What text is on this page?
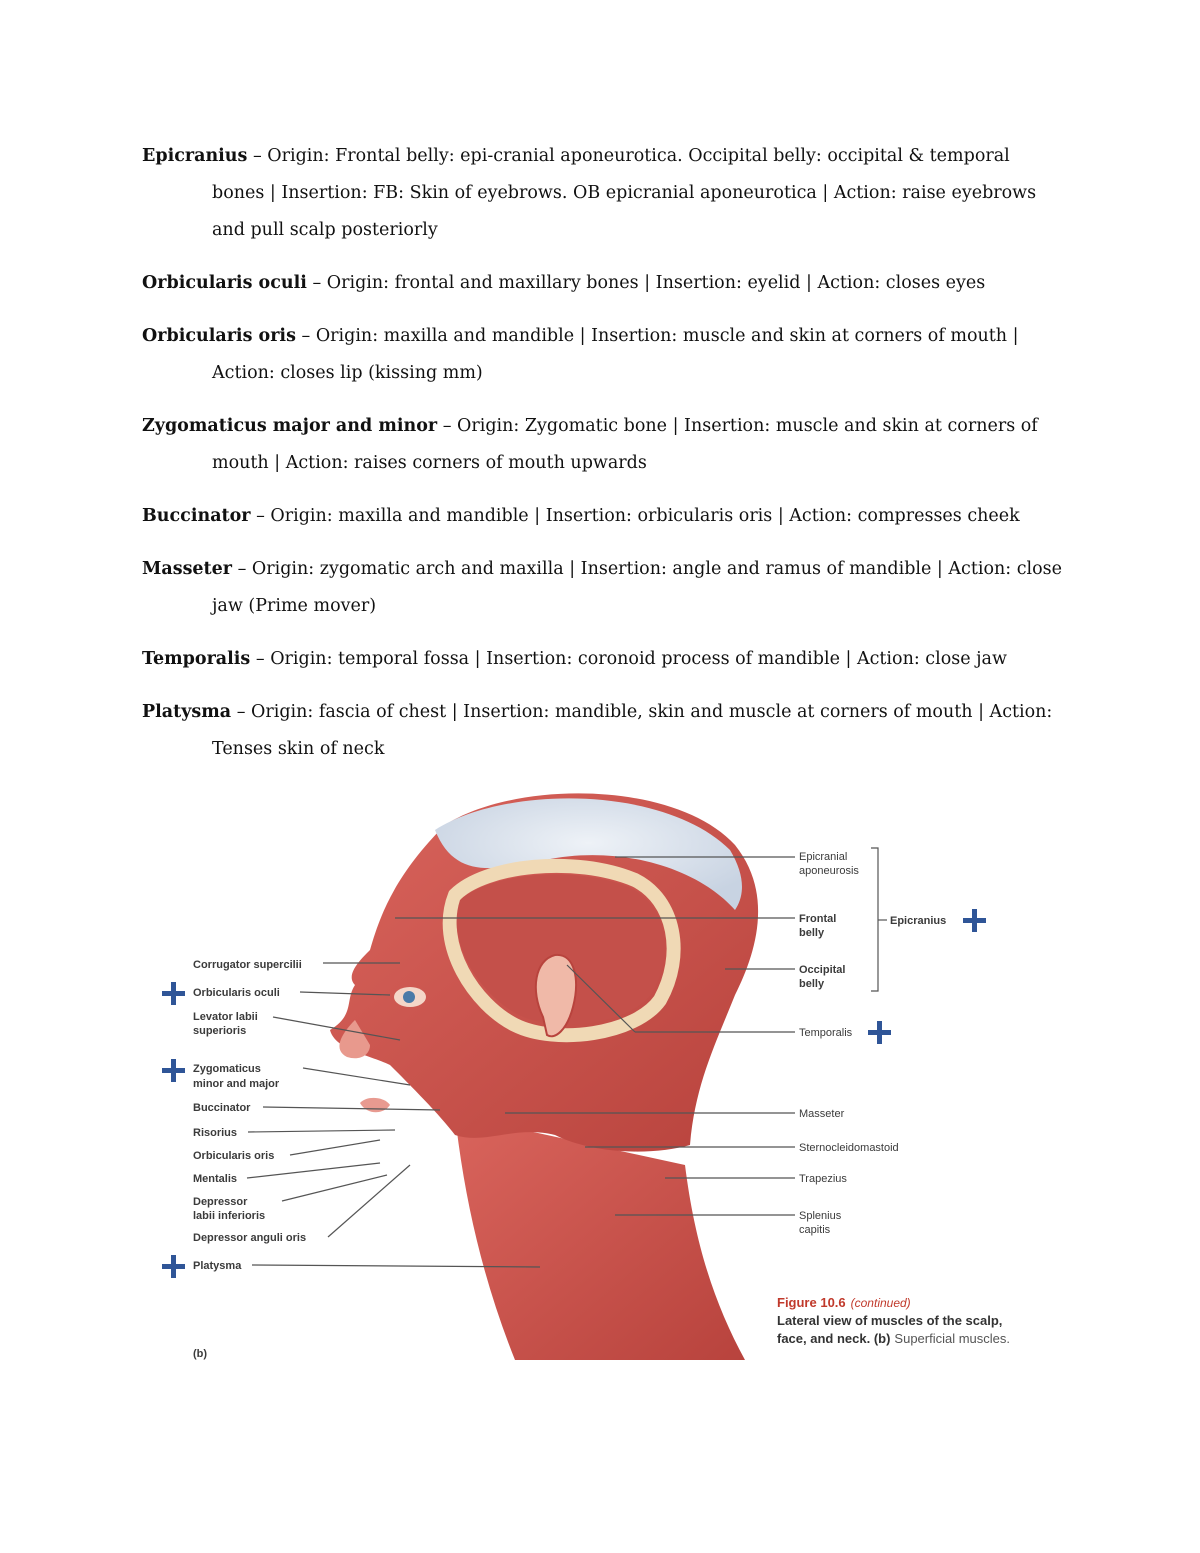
Epicranius – Origin: Frontal belly: epi-cranial aponeurotica. Occipital belly: occipital & temporal bones | Insertion: FB: Skin of eyebrows. OB epicranial aponeurotica | Action: raise eyebrows and pull scalp posteriorly

Orbicularis oculi – Origin: frontal and maxillary bones | Insertion: eyelid | Action: closes eyes

Orbicularis oris – Origin: maxilla and mandible | Insertion: muscle and skin at corners of mouth | Action: closes lip (kissing mm)

Zygomaticus major and minor – Origin: Zygomatic bone | Insertion: muscle and skin at corners of mouth | Action: raises corners of mouth upwards

Buccinator – Origin: maxilla and mandible | Insertion: orbicularis oris | Action: compresses cheek

Masseter – Origin: zygomatic arch and maxilla | Insertion: angle and ramus of mandible | Action: close jaw (Prime mover)

Temporalis – Origin: temporal fossa | Insertion: coronoid process of mandible | Action: close jaw

Platysma – Origin: fascia of chest | Insertion: mandible, skin and muscle at corners of mouth | Action: Tenses skin of neck

Corrugator supercilii
Orbicularis oculi
Levator labii
superioris
Zygomaticus
minor and major
Buccinator
Risorius
Orbicularis oris
Mentalis
Depressor
labii inferioris
Depressor anguli oris
Platysma
Epicranial
aponeurosis
Frontal
belly
Occipital
belly
Epicranius
Temporalis
Masseter
Sternocleidomastoid
Trapezius
Splenius
capitis
(b)
Figure 10.6 (continued)
Lateral view of muscles of the scalp,
face, and neck. (b) Superficial muscles.
